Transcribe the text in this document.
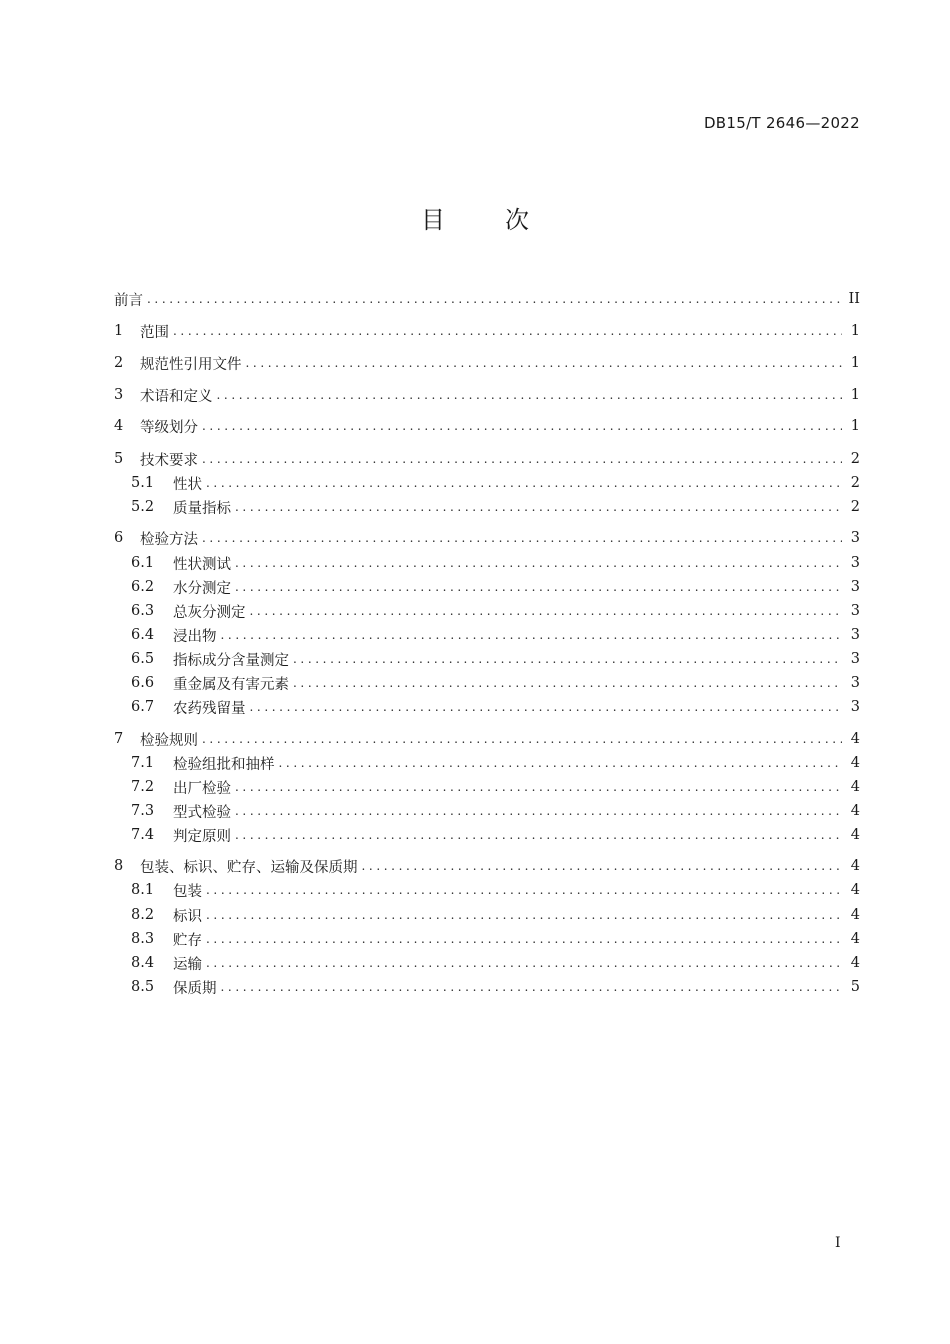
DB15/T 2646—2022
目次
前言 .....	II
1	范围 .....	1
2	规范性引用文件 .....	1
3	术语和定义 .....	1
4	等级划分 .....	1
5	技术要求 .....	2
5.1	性状 .....	2
5.2	质量指标 .....	2
6	检验方法 .....	3
6.1	性状测试 .....	3
6.2	水分测定 .....	3
6.3	总灰分测定 .....	3
6.4	浸出物 .....	3
6.5	指标成分含量测定 .....	3
6.6	重金属及有害元素 .....	3
6.7	农药残留量 .....	3
7	检验规则 .....	4
7.1	检验组批和抽样 .....	4
7.2	出厂检验 .....	4
7.3	型式检验 .....	4
7.4	判定原则 .....	4
8	包装、标识、贮存、运输及保质期 .....	4
8.1	包装 .....	4
8.2	标识 .....	4
8.3	贮存 .....	4
8.4	运输 .....	4
8.5	保质期 .....	5
I
